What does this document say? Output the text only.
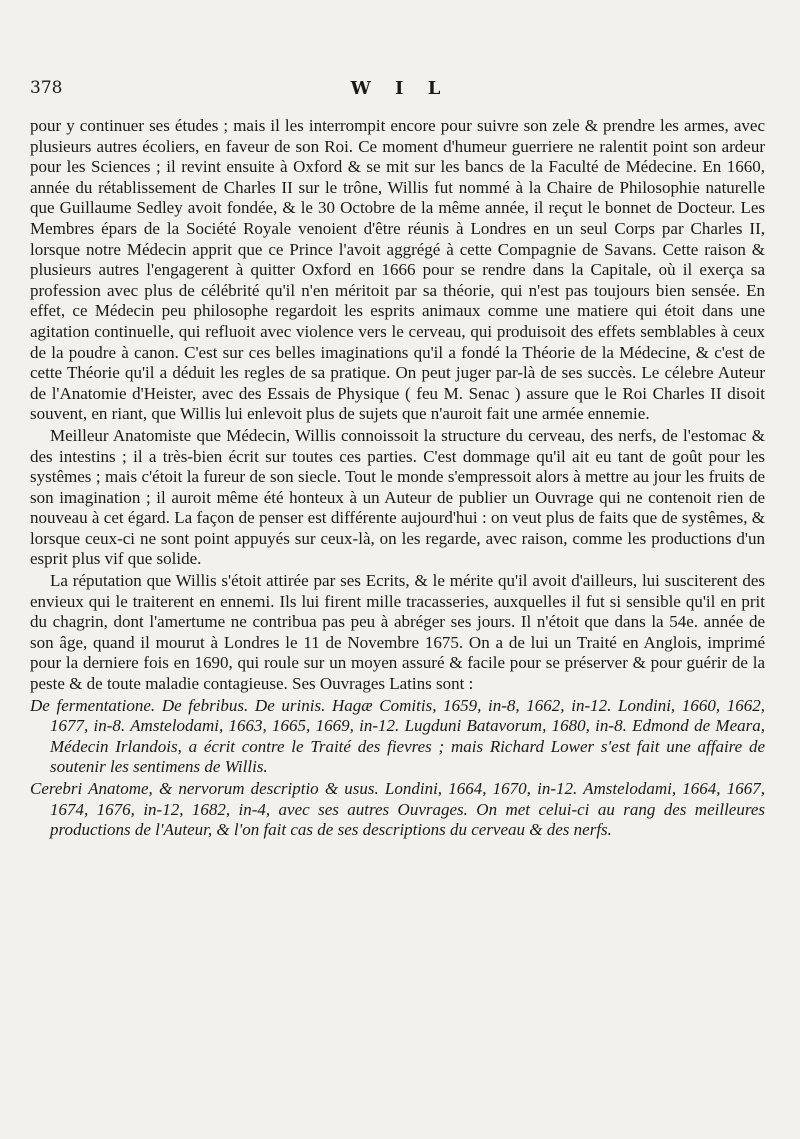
378	W I L

pour y continuer ses études ; mais il les interrompit encore pour suivre son zele & prendre les armes, avec plusieurs autres écoliers, en faveur de son Roi. Ce moment d'humeur guerriere ne ralentit point son ardeur pour les Sciences ; il revint ensuite à Oxford & se mit sur les bancs de la Faculté de Médecine. En 1660, année du rétablissement de Charles II sur le trône, Willis fut nommé à la Chaire de Philosophie naturelle que Guillaume Sedley avoit fondée, & le 30 Octobre de la même année, il reçut le bonnet de Docteur. Les Membres épars de la Société Royale venoient d'être réunis à Londres en un seul Corps par Charles II, lorsque notre Médecin apprit que ce Prince l'avoit aggrégé à cette Compagnie de Savans. Cette raison & plusieurs autres l'engagerent à quitter Oxford en 1666 pour se rendre dans la Capitale, où il exerça sa profession avec plus de célébrité qu'il n'en méritoit par sa théorie, qui n'est pas toujours bien sensée. En effet, ce Médecin peu philosophe regardoit les esprits animaux comme une matiere qui étoit dans une agitation continuelle, qui refluoit avec violence vers le cerveau, qui produisoit des effets semblables à ceux de la poudre à canon. C'est sur ces belles imaginations qu'il a fondé la Théorie de la Médecine, & c'est de cette Théorie qu'il a déduit les regles de sa pratique. On peut juger par-là de ses succès. Le célebre Auteur de l'Anatomie d'Heister, avec des Essais de Physique ( feu M. Senac ) assure que le Roi Charles II disoit souvent, en riant, que Willis lui enlevoit plus de sujets que n'auroit fait une armée ennemie.

Meilleur Anatomiste que Médecin, Willis connoissoit la structure du cerveau, des nerfs, de l'estomac & des intestins ; il a très-bien écrit sur toutes ces parties. C'est dommage qu'il ait eu tant de goût pour les systêmes ; mais c'étoit la fureur de son siecle. Tout le monde s'empressoit alors à mettre au jour les fruits de son imagination ; il auroit même été honteux à un Auteur de publier un Ouvrage qui ne contenoit rien de nouveau à cet égard. La façon de penser est différente aujourd'hui : on veut plus de faits que de systêmes, & lorsque ceux-ci ne sont point appuyés sur ceux-là, on les regarde, avec raison, comme les productions d'un esprit plus vif que solide.

La réputation que Willis s'étoit attirée par ses Ecrits, & le mérite qu'il avoit d'ailleurs, lui susciterent des envieux qui le traiterent en ennemi. Ils lui firent mille tracasseries, auxquelles il fut si sensible qu'il en prit du chagrin, dont l'amertume ne contribua pas peu à abréger ses jours. Il n'étoit que dans la 54e. année de son âge, quand il mourut à Londres le 11 de Novembre 1675. On a de lui un Traité en Anglois, imprimé pour la derniere fois en 1690, qui roule sur un moyen assuré & facile pour se préserver & pour guérir de la peste & de toute maladie contagieuse. Ses Ouvrages Latins sont :

De fermentatione. De febribus. De urinis. Hagæ Comitis, 1659, in-8, 1662, in-12. Londini, 1660, 1662, 1677, in-8. Amstelodami, 1663, 1665, 1669, in-12. Lugduni Batavorum, 1680, in-8. Edmond de Meara, Médecin Irlandois, a écrit contre le Traité des fievres ; mais Richard Lower s'est fait une affaire de soutenir les sentimens de Willis.

Cerebri Anatome, & nervorum descriptio & usus. Londini, 1664, 1670, in-12. Amstelodami, 1664, 1667, 1674, 1676, in-12, 1682, in-4, avec ses autres Ouvrages. On met celui-ci au rang des meilleures productions de l'Auteur, & l'on fait cas de ses descriptions du cerveau & des nerfs.
